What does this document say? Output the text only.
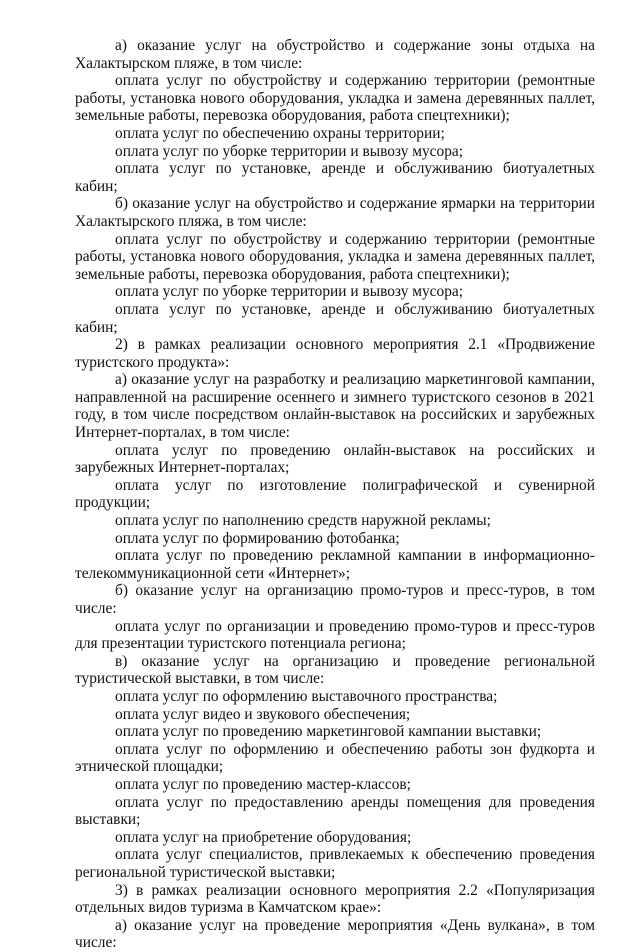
а) оказание услуг на обустройство и содержание зоны отдыха на Халактырском пляже, в том числе:

оплата услуг по обустройству и содержанию территории (ремонтные работы, установка нового оборудования, укладка и замена деревянных паллет, земельные работы, перевозка оборудования, работа спецтехники);

оплата услуг по обеспечению охраны территории;

оплата услуг по уборке территории и вывозу мусора;

оплата услуг по установке, аренде и обслуживанию биотуалетных кабин;

б) оказание услуг на обустройство и содержание ярмарки на территории Халактырского пляжа, в том числе:

оплата услуг по обустройству и содержанию территории (ремонтные работы, установка нового оборудования, укладка и замена деревянных паллет, земельные работы, перевозка оборудования, работа спецтехники);

оплата услуг по уборке территории и вывозу мусора;

оплата услуг по установке, аренде и обслуживанию биотуалетных кабин;

2) в рамках реализации основного мероприятия 2.1 «Продвижение туристского продукта»:

а) оказание услуг на разработку и реализацию маркетинговой кампании, направленной на расширение осеннего и зимнего туристского сезонов в 2021 году, в том числе посредством онлайн-выставок на российских и зарубежных Интернет-порталах, в том числе:

оплата услуг по проведению онлайн-выставок на российских и зарубежных Интернет-порталах;

оплата услуг по изготовление полиграфической и сувенирной продукции;

оплата услуг по наполнению средств наружной рекламы;

оплата услуг по формированию фотобанка;

оплата услуг по проведению рекламной кампании в информационно-телекоммуникационной сети «Интернет»;

б) оказание услуг на организацию промо-туров и пресс-туров, в том числе:

оплата услуг по организации и проведению промо-туров и пресс-туров для презентации туристского потенциала региона;

в) оказание услуг на организацию и проведение региональной туристической выставки, в том числе:

оплата услуг по оформлению выставочного пространства;

оплата услуг видео и звукового обеспечения;

оплата услуг по проведению маркетинговой кампании выставки;

оплата услуг по оформлению и обеспечению работы зон фудкорта и этнической площадки;

оплата услуг по проведению мастер-классов;

оплата услуг по предоставлению аренды помещения для проведения выставки;

оплата услуг на приобретение оборудования;

оплата услуг специалистов, привлекаемых к обеспечению проведения региональной туристической выставки;

3) в рамках реализации основного мероприятия 2.2 «Популяризация отдельных видов туризма в Камчатском крае»:

а) оказание услуг на проведение мероприятия «День вулкана», в том числе:
